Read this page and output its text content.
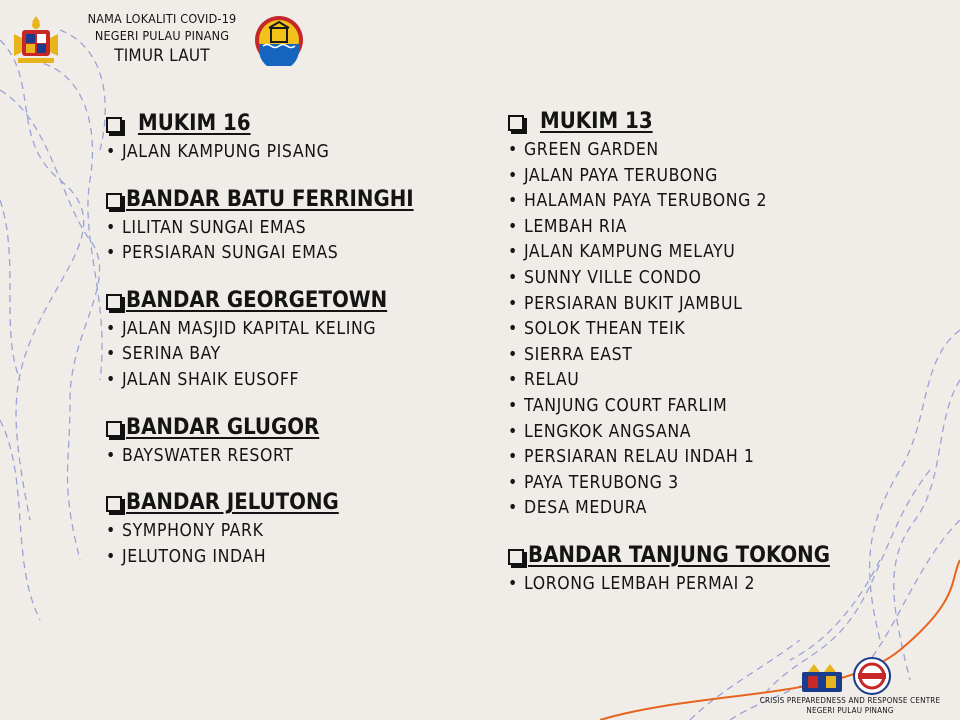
NAMA LOKALITI COVID-19
NEGERI PULAU PINANG
TIMUR LAUT
MUKIM 16
• JALAN KAMPUNG PISANG
BANDAR BATU FERRINGHI
• LILITAN SUNGAI EMAS
• PERSIARAN SUNGAI EMAS
BANDAR GEORGETOWN
• JALAN MASJID KAPITAL KELING
• SERINA BAY
• JALAN SHAIK EUSOFF
BANDAR GLUGOR
• BAYSWATER RESORT
BANDAR JELUTONG
• SYMPHONY PARK
• JELUTONG INDAH
MUKIM 13
• GREEN GARDEN
• JALAN PAYA TERUBONG
• HALAMAN PAYA TERUBONG 2
• LEMBAH RIA
• JALAN KAMPUNG MELAYU
• SUNNY VILLE CONDO
• PERSIARAN BUKIT JAMBUL
• SOLOK THEAN TEIK
• SIERRA EAST
• RELAU
• TANJUNG COURT FARLIM
• LENGKOK ANGSANA
• PERSIARAN RELAU INDAH 1
• PAYA TERUBONG 3
• DESA MEDURA
BANDAR TANJUNG TOKONG
• LORONG LEMBAH PERMAI 2
CRISIS PREPAREDNESS AND RESPONSE CENTRE
NEGERI PULAU PINANG
